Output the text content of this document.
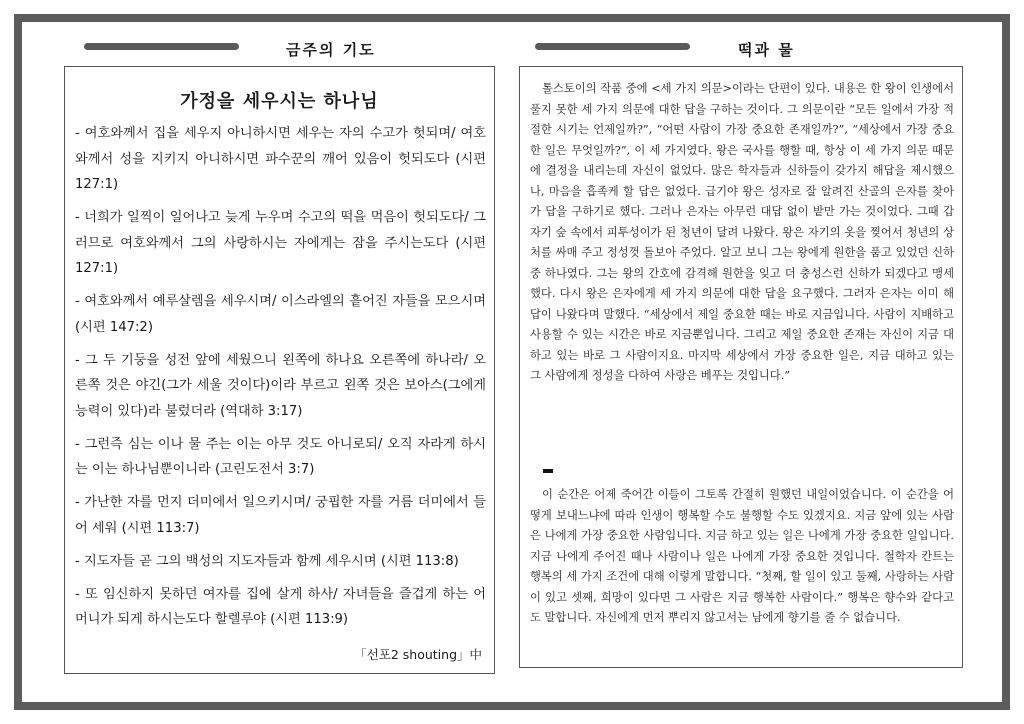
금주의 기도	떡과 물
가정을 세우시는 하나님
- 여호와께서 집을 세우지 아니하시면 세우는 자의 수고가 헛되며/ 여호와께서 성을 지키지 아니하시면 파수꾼의 깨어 있음이 헛되도다 (시편 127:1)
- 너희가 일찍이 일어나고 늦게 누우며 수고의 떡을 먹음이 헛되도다/ 그러므로 여호와께서 그의 사랑하시는 자에게는 잠을 주시는도다 (시편 127:1)
- 여호와께서 예루살렘을 세우시며/ 이스라엘의 흩어진 자들을 모으시며 (시편 147:2)
- 그 두 기둥을 성전 앞에 세웠으니 왼쪽에 하나요 오른쪽에 하나라/ 오른쪽 것은 야긴(그가 세울 것이다)이라 부르고 왼쪽 것은 보아스(그에게 능력이 있다)라 불렀더라 (역대하 3:17)
- 그런즉 심는 이나 물 주는 이는 아무 것도 아니로되/ 오직 자라게 하시는 이는 하나님뿐이니라 (고린도전서 3:7)
- 가난한 자를 먼지 더미에서 일으키시며/ 궁핍한 자를 거름 더미에서 들어 세워 (시편 113:7)
- 지도자들 곧 그의 백성의 지도자들과 함께 세우시며 (시편 113:8)
- 또 임신하지 못하던 여자를 집에 살게 하사/ 자녀들을 즐겁게 하는 어머니가 되게 하시는도다 할렐루야 (시편 113:9)
「선포2 shouting」中

톨스토이의 작품 중에 <세 가지 의문>이라는 단편이 있다. 내용은 한 왕이 인생에서 풀지 못한 세 가지 의문에 대한 답을 구하는 것이다. 그 의문이란 “모든 일에서 가장 적절한 시기는 언제일까?”, “어떤 사람이 가장 중요한 존재일까?”, “세상에서 가장 중요한 일은 무엇일까?”, 이 세 가지였다. 왕은 국사를 행할 때, 항상 이 세 가지 의문 때문에 결정을 내리는데 자신이 없었다. 많은 학자들과 신하들이 갖가지 해답을 제시했으나, 마음을 흡족케 할 답은 없었다. 급기야 왕은 성자로 잘 알려진 산골의 은자를 찾아가 답을 구하기로 했다. 그러나 은자는 아무런 대답 없이 밭만 가는 것이었다. 그때 갑자기 숲 속에서 피투성이가 된 청년이 달려 나왔다. 왕은 자기의 옷을 찢어서 청년의 상처를 싸매 주고 정성껏 돌보아 주었다. 알고 보니 그는 왕에게 원한을 품고 있었던 신하 중 하나였다. 그는 왕의 간호에 감격해 원한을 잊고 더 충성스런 신하가 되겠다고 맹세했다. 다시 왕은 은자에게 세 가지 의문에 대한 답을 요구했다. 그러자 은자는 이미 해답이 나왔다며 말했다. “세상에서 제일 중요한 때는 바로 지금입니다. 사람이 지배하고 사용할 수 있는 시간은 바로 지금뿐입니다. 그리고 제일 중요한 존재는 자신이 지금 대하고 있는 바로 그 사람이지요. 마지막 세상에서 가장 중요한 일은, 지금 대하고 있는 그 사람에게 정성을 다하여 사랑은 베푸는 것입니다.”

이 순간은 어제 죽어간 이들이 그토록 간절히 원했던 내일이었습니다. 이 순간을 어떻게 보내느냐에 따라 인생이 행복할 수도 불행할 수도 있겠지요. 지금 앞에 있는 사람은 나에게 가장 중요한 사람입니다. 지금 하고 있는 일은 나에게 가장 중요한 일입니다. 지금 나에게 주어진 때나 사람이나 일은 나에게 가장 중요한 것입니다. 철학자 칸트는 행복의 세 가지 조건에 대해 이렇게 말합니다. “첫째, 할 일이 있고 둘째, 사랑하는 사람이 있고 셋째, 희망이 있다면 그 사람은 지금 행복한 사람이다.” 행복은 향수와 같다고도 말합니다. 자신에게 먼저 뿌리지 않고서는 남에게 향기를 줄 수 없습니다.
